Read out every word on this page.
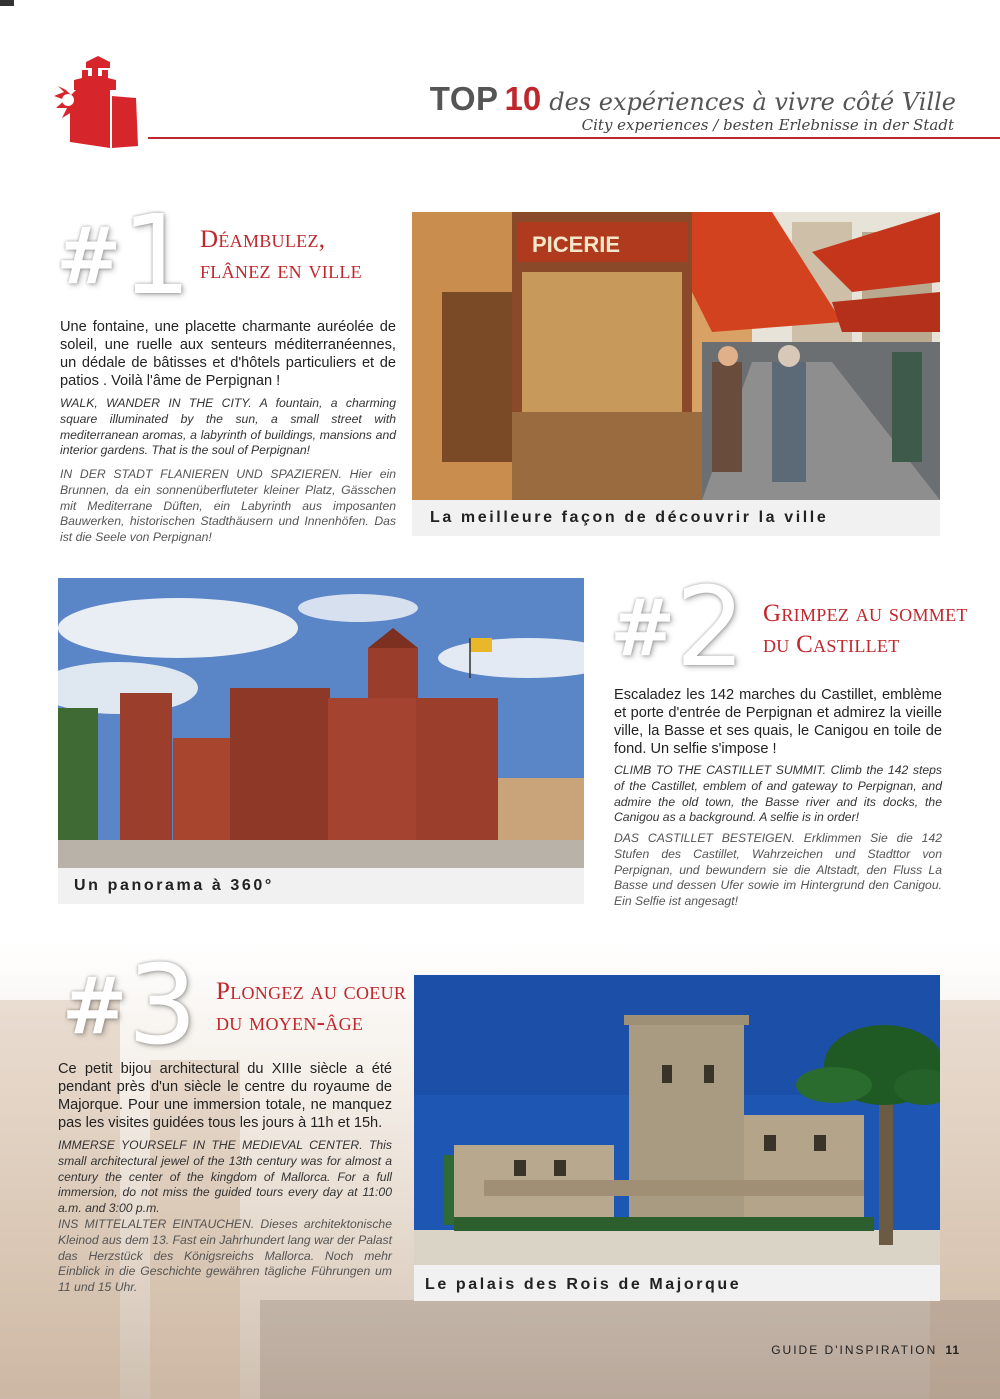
TOP 10 des expériences à vivre côté Ville
City experiences / besten Erlebnisse in der Stadt
#1 Déambulez,
flânez en ville
Une fontaine, une placette charmante auréolée de soleil, une ruelle aux senteurs méditerranéennes, un dédale de bâtisses et d'hôtels particuliers et de patios . Voilà l'âme de Perpignan !
WALK, WANDER IN THE CITY. A fountain, a charming square illuminated by the sun, a small street with mediterranean aromas, a labyrinth of buildings, mansions and interior gardens. That is the soul of Perpignan!
IN DER STADT FLANIEREN UND SPAZIEREN. Hier ein Brunnen, da ein sonnenüberfluteter kleiner Platz, Gässchen mit Mediterrane Düften, ein Labyrinth aus imposanten Bauwerken, historischen Stadthäusern und Innenhöfen. Das ist die Seele von Perpignan!
PICERIE
La meilleure façon de découvrir la ville
Un panorama à 360°
#2 Grimpez au sommet
du Castillet
Escaladez les 142 marches du Castillet, emblème et porte d'entrée de Perpignan et admirez la vieille ville, la Basse et ses quais, le Canigou en toile de fond. Un selfie s'impose !
CLIMB TO THE CASTILLET SUMMIT. Climb the 142 steps of the Castillet, emblem of and gateway to Perpignan, and admire the old town, the Basse river and its docks, the Canigou as a background. A selfie is in order!
DAS CASTILLET BESTEIGEN. Erklimmen Sie die 142 Stufen des Castillet, Wahrzeichen und Stadttor von Perpignan, und bewundern sie die Altstadt, den Fluss La Basse und dessen Ufer sowie im Hintergrund den Canigou. Ein Selfie ist angesagt!
#3 Plongez au coeur
du moyen-âge
Ce petit bijou architectural du XIIIe siècle a été pendant près d'un siècle le centre du royaume de Majorque. Pour une immersion totale, ne manquez pas les visites guidées tous les jours à 11h et 15h.
IMMERSE YOURSELF IN THE MEDIEVAL CENTER. This small architectural jewel of the 13th century was for almost a century the center of the kingdom of Mallorca. For a full immersion, do not miss the guided tours every day at 11:00 a.m. and 3:00 p.m.
INS MITTELALTER EINTAUCHEN. Dieses architektonische Kleinod aus dem 13. Fast ein Jahrhundert lang war der Palast das Herzstück des Königsreichs Mallorca. Noch mehr Einblick in die Geschichte gewähren tägliche Führungen um 11 und 15 Uhr.	Le palais des Rois de Majorque
GUIDE D'INSPIRATION 11
